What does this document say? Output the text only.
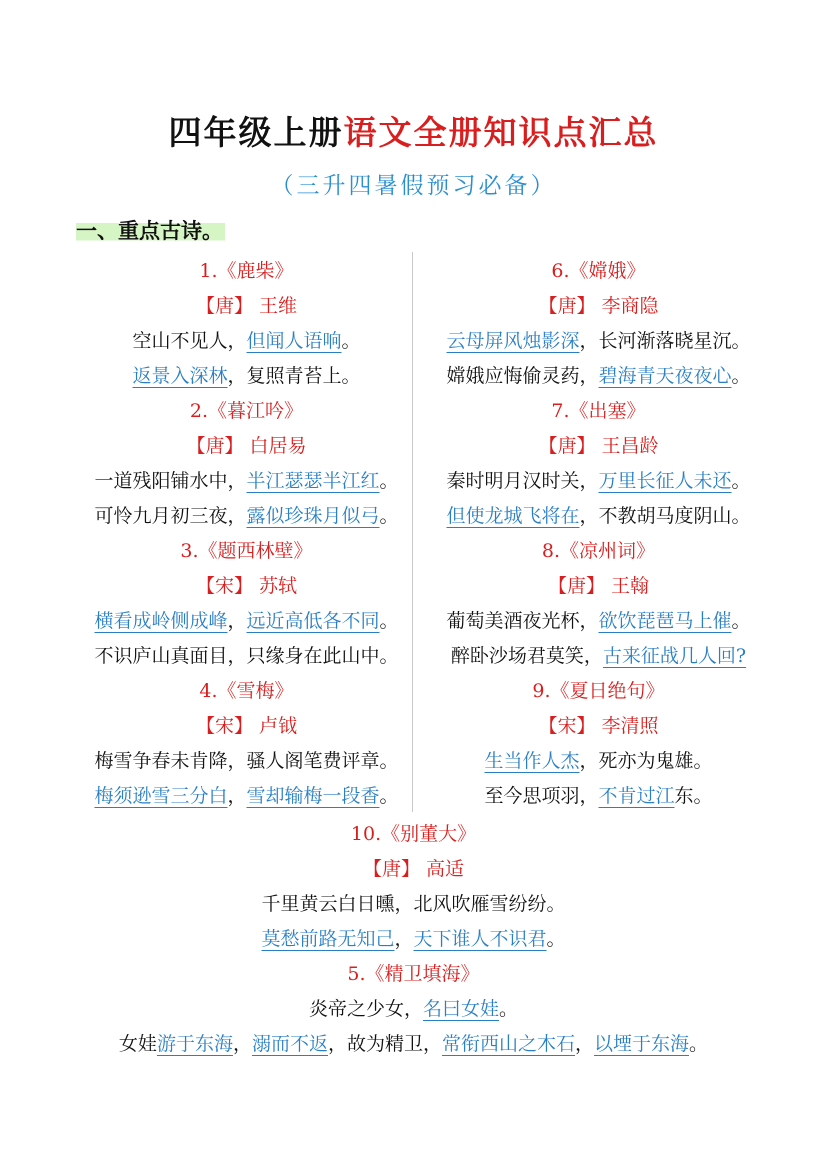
四年级上册语文全册知识点汇总
（三升四暑假预习必备）
一、重点古诗。
1.《鹿柴》
【唐】 王维
空山不见人，但闻人语响。
返景入深林，复照青苔上。
2.《暮江吟》
【唐】 白居易
一道残阳铺水中，半江瑟瑟半江红。
可怜九月初三夜，露似珍珠月似弓。
3.《题西林壁》
【宋】 苏轼
横看成岭侧成峰，远近高低各不同。
不识庐山真面目，只缘身在此山中。
4.《雪梅》
【宋】 卢钺
梅雪争春未肯降，骚人阁笔费评章。
梅须逊雪三分白，雪却输梅一段香。
6.《嫦娥》
【唐】 李商隐
云母屏风烛影深，长河渐落晓星沉。
嫦娥应悔偷灵药，碧海青天夜夜心。
7.《出塞》
【唐】 王昌龄
秦时明月汉时关，万里长征人未还。
但使龙城飞将在，不教胡马度阴山。
8.《凉州词》
【唐】 王翰
葡萄美酒夜光杯，欲饮琵琶马上催。
醉卧沙场君莫笑，古来征战几人回?
9.《夏日绝句》
【宋】 李清照
生当作人杰，死亦为鬼雄。
至今思项羽，不肯过江东。
10.《别董大》
【唐】 高适
千里黄云白日曛，北风吹雁雪纷纷。
莫愁前路无知己，天下谁人不识君。
5.《精卫填海》
炎帝之少女，名曰女娃。
女娃游于东海，溺而不返，故为精卫，常衔西山之木石，以堙于东海。
